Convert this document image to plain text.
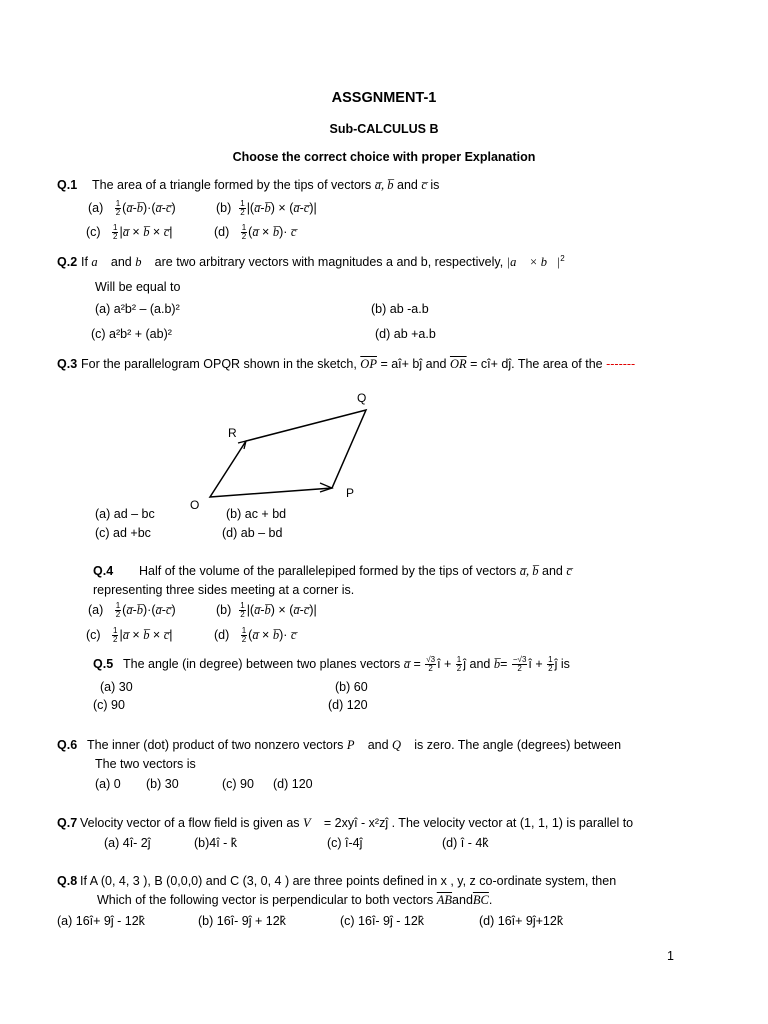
ASSGNMENT-1
Sub-CALCULUS B
Choose the correct choice with proper Explanation
Q.1 The area of a triangle formed by the tips of vectors a̅, b̅ and c̅ is
$(a) \frac{1}{2}$ (a̅-b̅)·(a̅-c̅)	$(b) \frac{1}{2}$ |(a̅-b̅) × (a̅-c̅)|
$(c) \frac{1}{2}$ |a̅ × b̅ × c̅|	$(d) \frac{1}{2}$ (a̅ × b̅)· c̅
Q.2 If a⃗ and b⃗ are two arbitrary vectors with magnitudes a and b, respectively, |a⃗ × $b⃗|^2$
Will be equal to
(a) a²b² – (a.b)²	(b) ab -a.b
(c) a²b² + (ab)²	(d) ab +a.b
Q.3 For the parallelogram OPQR shown in the sketch, $\overline{OP}$ = aî+ bĵ and $\overline{OR}$ = cî+ dĵ. The area of the -------
Q
R
O
P
(a) ad – bc	(b) ac + bd
(c) ad +bc	(d) ab – bd
Q.4 Half of the volume of the parallelepiped formed by the tips of vectors a̅, b̅ and c̅
representing three sides meeting at a corner is.
$(a) \frac{1}{2}$ (a̅-b̅)·(a̅-c̅)	$(b) \frac{1}{2}$ |(a̅-b̅) × (a̅-c̅)|
$(c) \frac{1}{2}$ |a̅ × b̅ × c̅|	$(d) \frac{1}{2}$ (a̅ × b̅)· c̅
Q.5 The angle (in degree) between two planes vectors a̅ = $\frac{√3}{2}$ î + $\frac{1}{2}$ ĵ and b̅= $\frac{-√3}{2}$ î + $\frac{1}{2}$ ĵ is
(a) 30	(b) 60
(c) 90	(d) 120
Q.6 The inner (dot) product of two nonzero vectors P⃗ and Q⃗ is zero. The angle (degrees) between
The two vectors is
(a) 0 (b) 30	(c) 90 (d) 120
Q.7 Velocity vector of a flow field is given as V⃗ = 2xyî - x²zĵ . The velocity vector at (1, 1, 1) is parallel to
(a) 4î- 2ĵ	(b)4î - k̂	(c) î-4ĵ	(d) î - 4k̂
Q.8 If A (0, 4, 3 ), B (0,0,0) and C (3, 0, 4 ) are three points defined in x , y, z co-ordinate system, then
Which of the following vector is perpendicular to both vectors $\overline{AB}and\overline{BC}$.
(a) 16î+ 9ĵ - 12k̂	(b) 16î- 9ĵ + 12k̂	(c) 16î- 9ĵ - 12k̂	(d) 16î+ 9ĵ+12k̂
1
